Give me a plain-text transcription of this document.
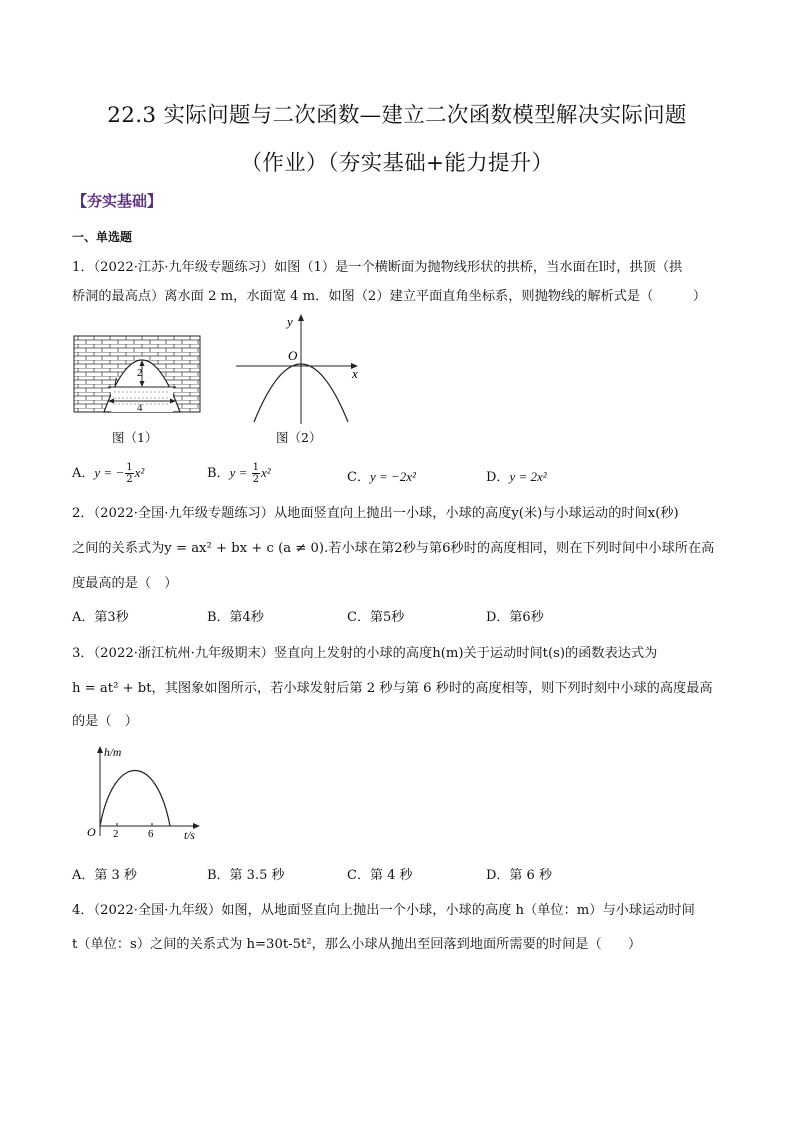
22.3 实际问题与二次函数—建立二次函数模型解决实际问题
（作业）（夯实基础+能力提升）
【夯实基础】
一、单选题
1．（2022·江苏·九年级专题练习）如图（1）是一个横断面为抛物线形状的拱桥，当水面在l时，拱顶（拱
桥洞的最高点）离水面 2 m，水面宽 4 m．如图（2）建立平面直角坐标系，则抛物线的解析式是（　　　）
2
4
l
图（1）
y
x
O
图（2）
A．y = − $\frac{1}{2} x^2$	B．$y = \frac{1}{2} x^2$	C．y = −2x²	D．y = 2x²
2．（2022·全国·九年级专题练习）从地面竖直向上抛出一小球，小球的高度y(米)与小球运动的时间x(秒)
之间的关系式为y = ax² + bx + c (a ≠ 0).若小球在第2秒与第6秒时的高度相同，则在下列时间中小球所在高
度最高的是（　）
A．第3秒	B．第4秒	C．第5秒	D．第6秒
3．（2022·浙江杭州·九年级期末）竖直向上发射的小球的高度h(m)关于运动时间t(s)的函数表达式为
h = at² + bt，其图象如图所示，若小球发射后第 2 秒与第 6 秒时的高度相等，则下列时刻中小球的高度最高
的是（　）
h/m
t/s
O 2	6
A．第 3 秒	B．第 3.5 秒	C．第 4 秒	D．第 6 秒
4．（2022·全国·九年级）如图，从地面竖直向上抛出一个小球，小球的高度 h（单位：m）与小球运动时间
t（单位：s）之间的关系式为 h=30t-5t²，那么小球从抛出至回落到地面所需要的时间是（　　）
